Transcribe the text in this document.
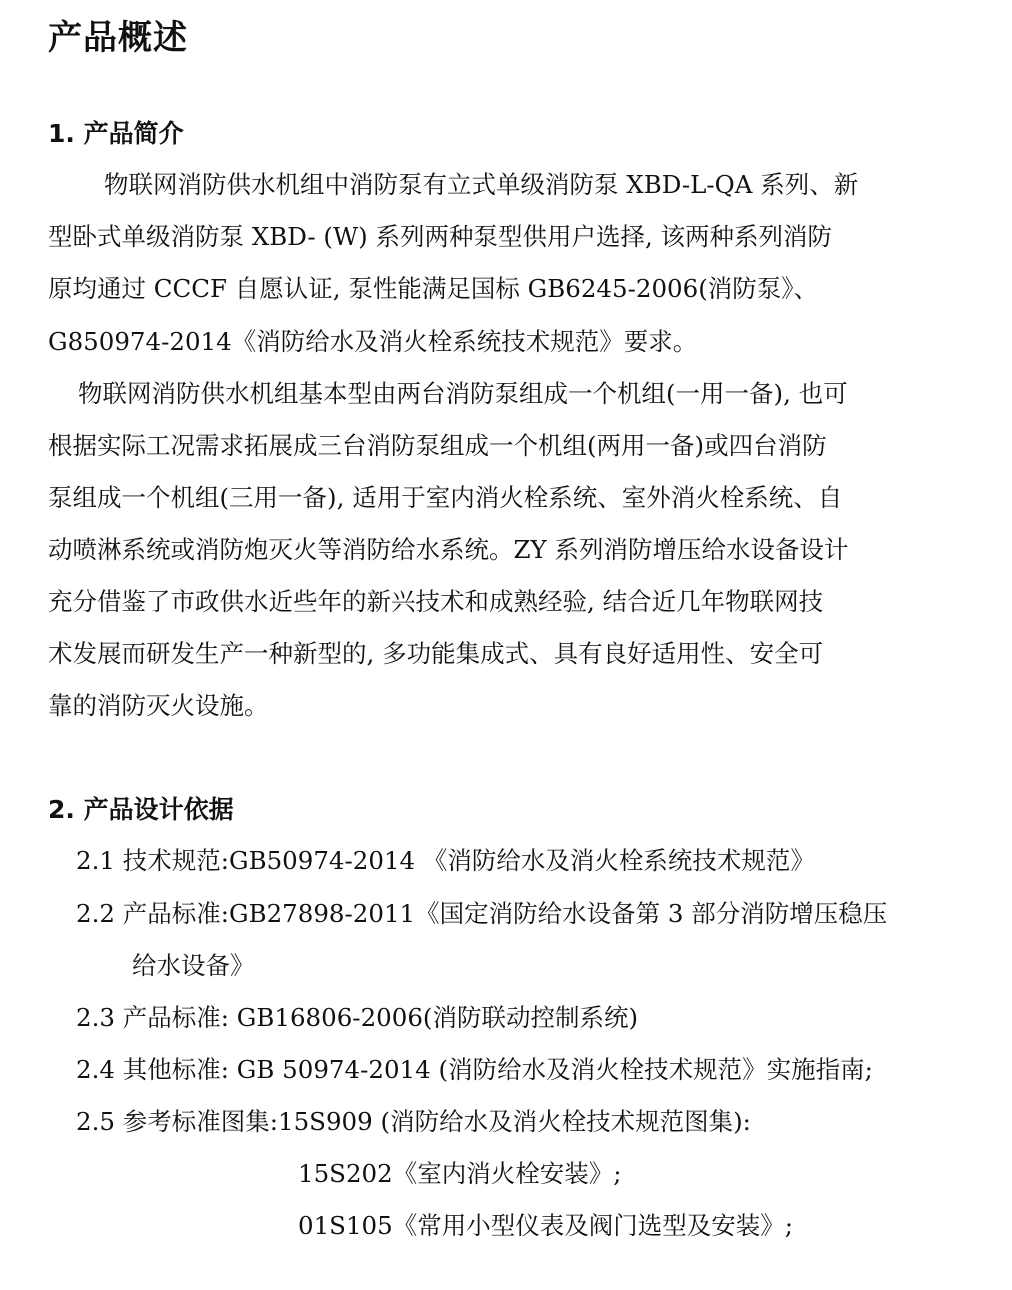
产品概述
1. 产品简介
物联网消防供水机组中消防泵有立式单级消防泵 XBD-L-QA 系列、新
型卧式单级消防泵 XBD- (W) 系列两种泵型供用户选择, 该两种系列消防
原均通过 CCCF 自愿认证, 泵性能满足国标 GB6245-2006(消防泵》、
G850974-2014《消防给水及消火栓系统技术规范》要求。
物联网消防供水机组基本型由两台消防泵组成一个机组(一用一备), 也可
根据实际工况需求拓展成三台消防泵组成一个机组(两用一备)或四台消防
泵组成一个机组(三用一备), 适用于室内消火栓系统、室外消火栓系统、自
动喷淋系统或消防炮灭火等消防给水系统。ZY 系列消防增压给水设备设计
充分借鉴了市政供水近些年的新兴技术和成熟经验, 结合近几年物联网技
术发展而研发生产一种新型的, 多功能集成式、具有良好适用性、安全可
靠的消防灭火设施。
2. 产品设计依据
2.1 技术规范:GB50974-2014 《消防给水及消火栓系统技术规范》
2.2 产品标准:GB27898-2011《国定消防给水设备第 3 部分消防增压稳压
给水设备》
2.3 产品标准: GB16806-2006(消防联动控制系统)
2.4 其他标准: GB 50974-2014 (消防给水及消火栓技术规范》实施指南;
2.5 参考标准图集:15S909 (消防给水及消火栓技术规范图集):
15S202《室内消火栓安装》;
01S105《常用小型仪表及阀门选型及安装》;
